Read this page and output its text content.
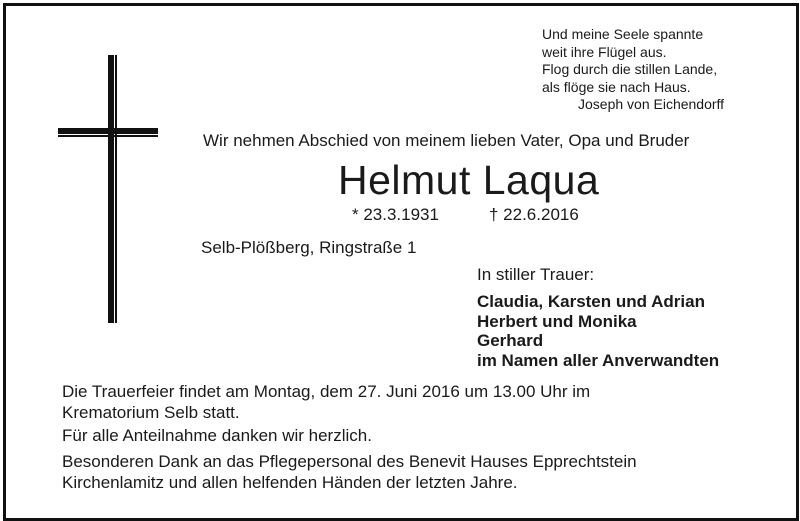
Und meine Seele spannte
weit ihre Flügel aus.
Flog durch die stillen Lande,
als flöge sie nach Haus.
Joseph von Eichendorff
Wir nehmen Abschied von meinem lieben Vater, Opa und Bruder
Helmut Laqua
* 23.3.1931	† 22.6.2016
Selb-Plößberg, Ringstraße 1
In stiller Trauer:
Claudia, Karsten und Adrian
Herbert und Monika
Gerhard
im Namen aller Anverwandten
Die Trauerfeier findet am Montag, dem 27. Juni 2016 um 13.00 Uhr im
Krematorium Selb statt.
Für alle Anteilnahme danken wir herzlich.
Besonderen Dank an das Pflegepersonal des Benevit Hauses Epprechtstein
Kirchenlamitz und allen helfenden Händen der letzten Jahre.
